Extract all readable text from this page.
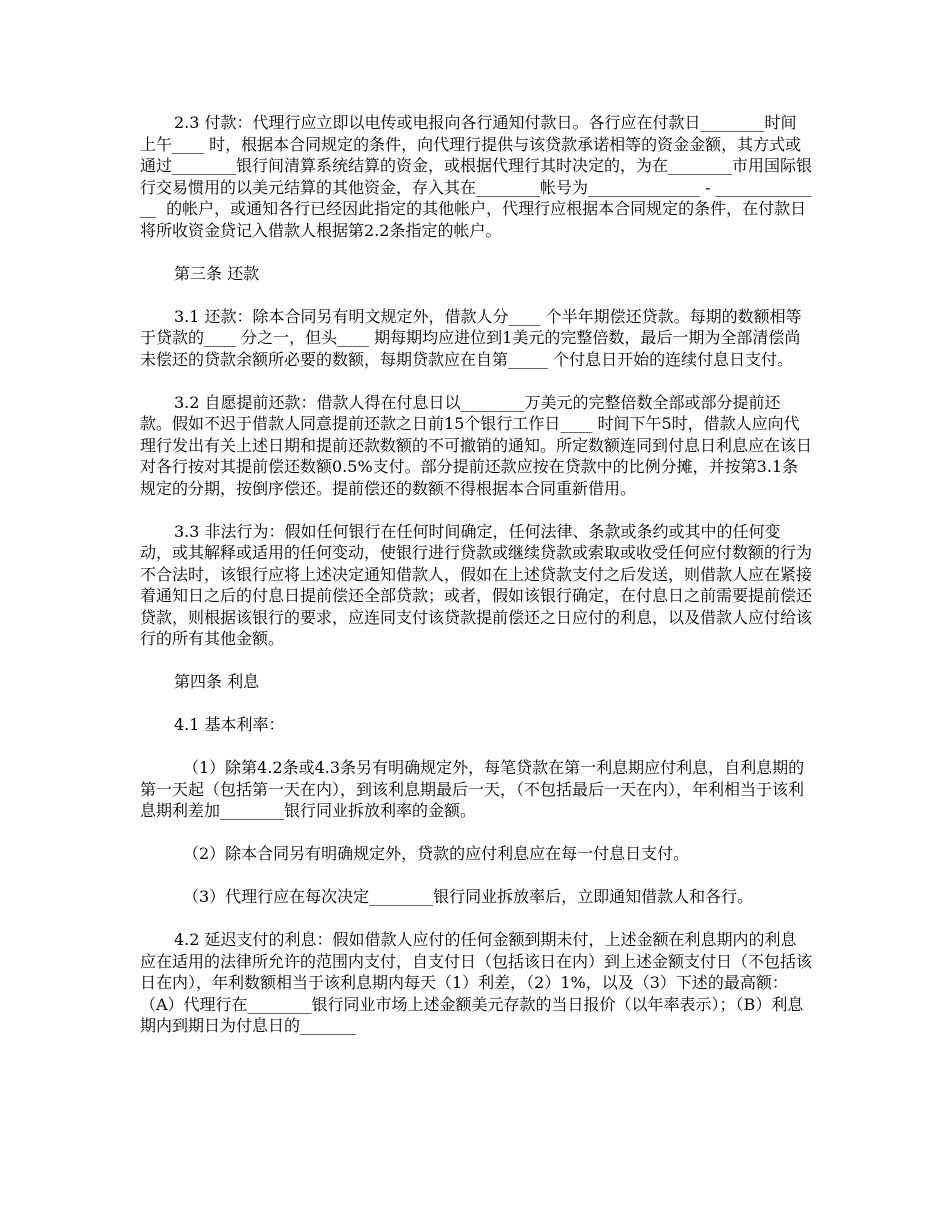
2.3 付款：代理行应立即以电传或电报向各行通知付款日。各行应在付款日________时间上午____ 时，根据本合同规定的条件，向代理行提供与该贷款承诺相等的资金金额，其方式或通过________银行间清算系统结算的资金，或根据代理行其时决定的，为在________市用国际银行交易惯用的以美元结算的其他资金，存入其在________帐号为______________ - ______________  的帐户，或通知各行已经因此指定的其他帐户，代理行应根据本合同规定的条件，在付款日将所收资金贷记入借款人根据第2.2条指定的帐户。

第三条 还款

3.1 还款：除本合同另有明文规定外，借款人分____ 个半年期偿还贷款。每期的数额相等于贷款的____ 分之一，但头____ 期每期均应进位到1美元的完整倍数，最后一期为全部清偿尚未偿还的贷款余额所必要的数额，每期贷款应在自第_____ 个付息日开始的连续付息日支付。

3.2 自愿提前还款：借款人得在付息日以________万美元的完整倍数全部或部分提前还款。假如不迟于借款人同意提前还款之日前15个银行工作日____ 时间下午5时，借款人应向代理行发出有关上述日期和提前还款数额的不可撤销的通知。所定数额连同到付息日利息应在该日对各行按对其提前偿还数额0.5%支付。部分提前还款应按在贷款中的比例分摊，并按第3.1条规定的分期，按倒序偿还。提前偿还的数额不得根据本合同重新借用。

3.3 非法行为：假如任何银行在任何时间确定，任何法律、条款或条约或其中的任何变动，或其解释或适用的任何变动，使银行进行贷款或继续贷款或索取或收受任何应付数额的行为不合法时，该银行应将上述决定通知借款人，假如在上述贷款支付之后发送，则借款人应在紧接着通知日之后的付息日提前偿还全部贷款；或者，假如该银行确定，在付息日之前需要提前偿还贷款，则根据该银行的要求，应连同支付该贷款提前偿还之日应付的利息，以及借款人应付给该行的所有其他金额。

第四条 利息

4.1 基本利率：

（1）除第4.2条或4.3条另有明确规定外，每笔贷款在第一利息期应付利息，自利息期的第一天起（包括第一天在内），到该利息期最后一天，（不包括最后一天在内），年利相当于该利息期利差加________银行同业拆放利率的金额。

（2）除本合同另有明确规定外，贷款的应付利息应在每一付息日支付。

（3）代理行应在每次决定________银行同业拆放率后，立即通知借款人和各行。

4.2 延迟支付的利息：假如借款人应付的任何金额到期未付，上述金额在利息期内的利息应在适用的法律所允许的范围内支付，自支付日（包括该日在内）到上述金额支付日（不包括该日在内），年利数额相当于该利息期内每天（1）利差，（2）1%，以及（3）下述的最高额：（A）代理行在________银行同业市场上述金额美元存款的当日报价（以年率表示）；（B）利息期内到期日为付息日的_______
